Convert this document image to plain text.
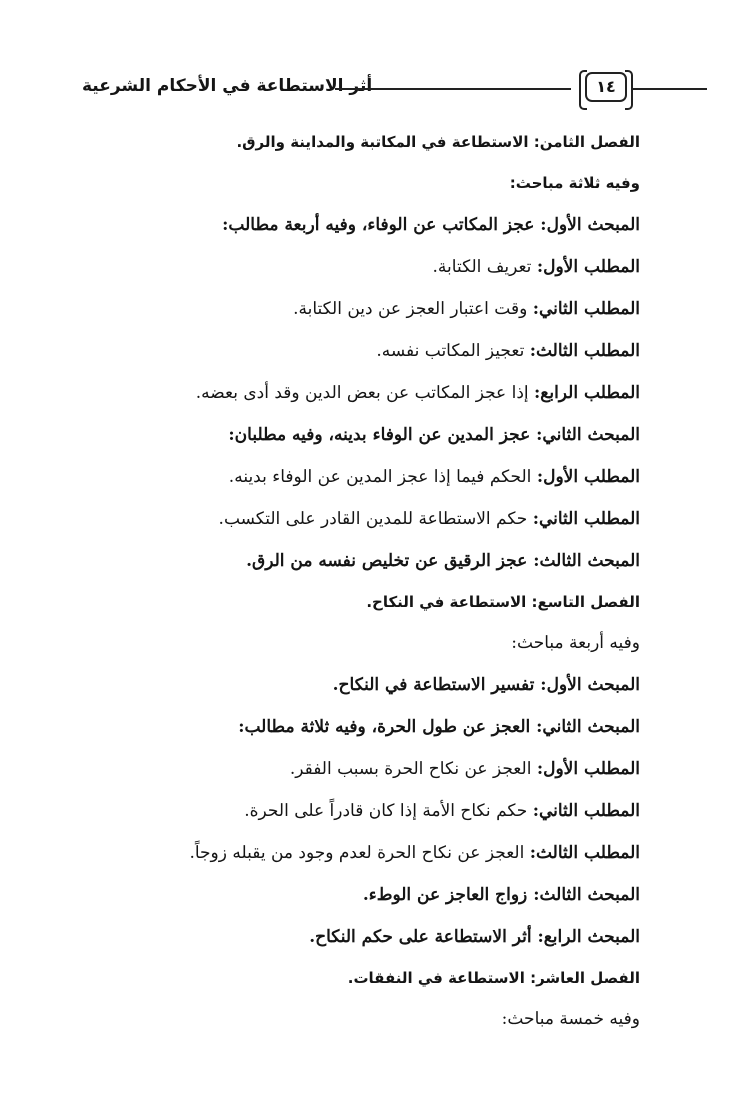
أثر الاستطاعة في الأحكام الشرعية	١٤
الفصل الثامن: الاستطاعة في المكاتبة والمداينة والرق.
وفيه ثلاثة مباحث:
المبحث الأول: عجز المكاتب عن الوفاء، وفيه أربعة مطالب:
المطلب الأول: تعريف الكتابة.
المطلب الثاني: وقت اعتبار العجز عن دين الكتابة.
المطلب الثالث: تعجيز المكاتب نفسه.
المطلب الرابع: إذا عجز المكاتب عن بعض الدين وقد أدى بعضه.
المبحث الثاني: عجز المدين عن الوفاء بدينه، وفيه مطلبان:
المطلب الأول: الحكم فيما إذا عجز المدين عن الوفاء بدينه.
المطلب الثاني: حكم الاستطاعة للمدين القادر على التكسب.
المبحث الثالث: عجز الرقيق عن تخليص نفسه من الرق.
الفصل التاسع: الاستطاعة في النكاح.
وفيه أربعة مباحث:
المبحث الأول: تفسير الاستطاعة في النكاح.
المبحث الثاني: العجز عن طول الحرة، وفيه ثلاثة مطالب:
المطلب الأول: العجز عن نكاح الحرة بسبب الفقر.
المطلب الثاني: حكم نكاح الأمة إذا كان قادراً على الحرة.
المطلب الثالث: العجز عن نكاح الحرة لعدم وجود من يقبله زوجاً.
المبحث الثالث: زواج العاجز عن الوطء.
المبحث الرابع: أثر الاستطاعة على حكم النكاح.
الفصل العاشر: الاستطاعة في النفقات.
وفيه خمسة مباحث:
